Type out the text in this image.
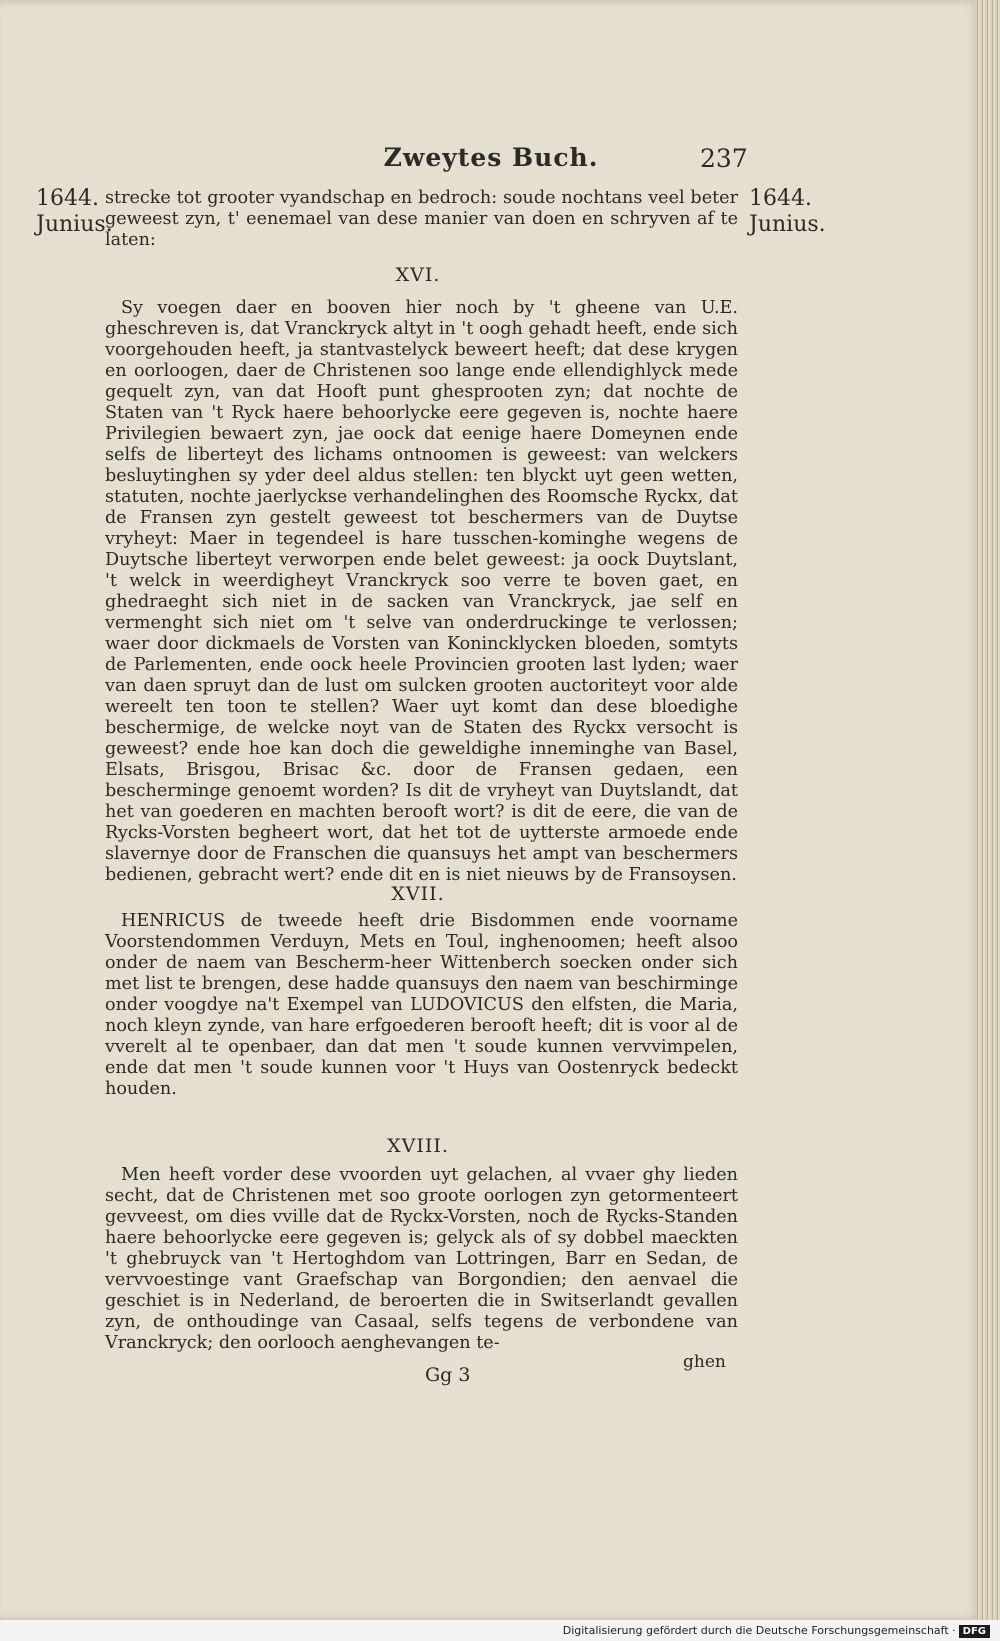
Zweytes Buch.	237
1644.
Junius.
1644.
Junius.
strecke tot grooter vyandschap en bedroch: soude nochtans veel beter geweest zyn, t' eenemael van dese manier van doen en schryven af te laten:
XVI.
Sy voegen daer en booven hier noch by 't gheene van U.E. gheschreven is, dat Vranckryck altyt in 't oogh gehadt heeft, ende sich voorgehouden heeft, ja stantvastelyck beweert heeft; dat dese krygen en oorloogen, daer de Christenen soo lange ende ellendighlyck mede gequelt zyn, van dat Hooft punt ghesprooten zyn; dat nochte de Staten van 't Ryck haere behoorlycke eere gegeven is, nochte haere Privilegien bewaert zyn, jae oock dat eenige haere Domeynen ende selfs de liberteyt des lichams ontnoomen is geweest: van welckers besluytinghen sy yder deel aldus stellen: ten blyckt uyt geen wetten, statuten, nochte jaerlyckse verhandelinghen des Roomsche Ryckx, dat de Fransen zyn gestelt geweest tot beschermers van de Duytse vryheyt: Maer in tegendeel is hare tusschen-kominghe wegens de Duytsche liberteyt verworpen ende belet geweest: ja oock Duytslant, 't welck in weerdigheyt Vranckryck soo verre te boven gaet, en ghedraeght sich niet in de sacken van Vranckryck, jae self en vermenght sich niet om 't selve van onderdruckinge te verlossen; waer door dickmaels de Vorsten van Konincklycken bloeden, somtyts de Parlementen, ende oock heele Provincien grooten last lyden; waer van daen spruyt dan de lust om sulcken grooten auctoriteyt voor alde wereelt ten toon te stellen? Waer uyt komt dan dese bloedighe beschermige, de welcke noyt van de Staten des Ryckx versocht is geweest? ende hoe kan doch die geweldighe inneminghe van Basel, Elsats, Brisgou, Brisac &c. door de Fransen gedaen, een bescherminge genoemt worden? Is dit de vryheyt van Duytslandt, dat het van goederen en machten berooft wort? is dit de eere, die van de Rycks-Vorsten begheert wort, dat het tot de uytterste armoede ende slavernye door de Franschen die quansuys het ampt van beschermers bedienen, gebracht wert? ende dit en is niet nieuws by de Fransoysen.
XVII.
HENRICUS de tweede heeft drie Bisdommen ende voorname Voorstendommen Verduyn, Mets en Toul, inghenoomen; heeft alsoo onder de naem van Bescherm-heer Wittenberch soecken onder sich met list te brengen, dese hadde quansuys den naem van beschirminge onder voogdye na't Exempel van LUDOVICUS den elfsten, die Maria, noch kleyn zynde, van hare erfgoederen berooft heeft; dit is voor al de vverelt al te openbaer, dan dat men 't soude kunnen vervvimpelen, ende dat men 't soude kunnen voor 't Huys van Oostenryck bedeckt houden.
XVIII.
Men heeft vorder dese vvoorden uyt gelachen, al vvaer ghy lieden secht, dat de Christenen met soo groote oorlogen zyn getormenteert gevveest, om dies vville dat de Ryckx-Vorsten, noch de Rycks-Standen haere behoorlycke eere gegeven is; gelyck als of sy dobbel maeckten 't ghebruyck van 't Hertoghdom van Lottringen, Barr en Sedan, de vervvoestinge vant Graefschap van Borgondien; den aenvael die geschiet is in Nederland, de beroerten die in Switserlandt gevallen zyn, de onthoudinge van Casaal, selfs tegens de verbondene van Vranckryck; den oorlooch aenghevangen te-
ghen
Gg 3
Digitalisierung gefördert durch die Deutsche Forschungsgemeinschaft · DFG
